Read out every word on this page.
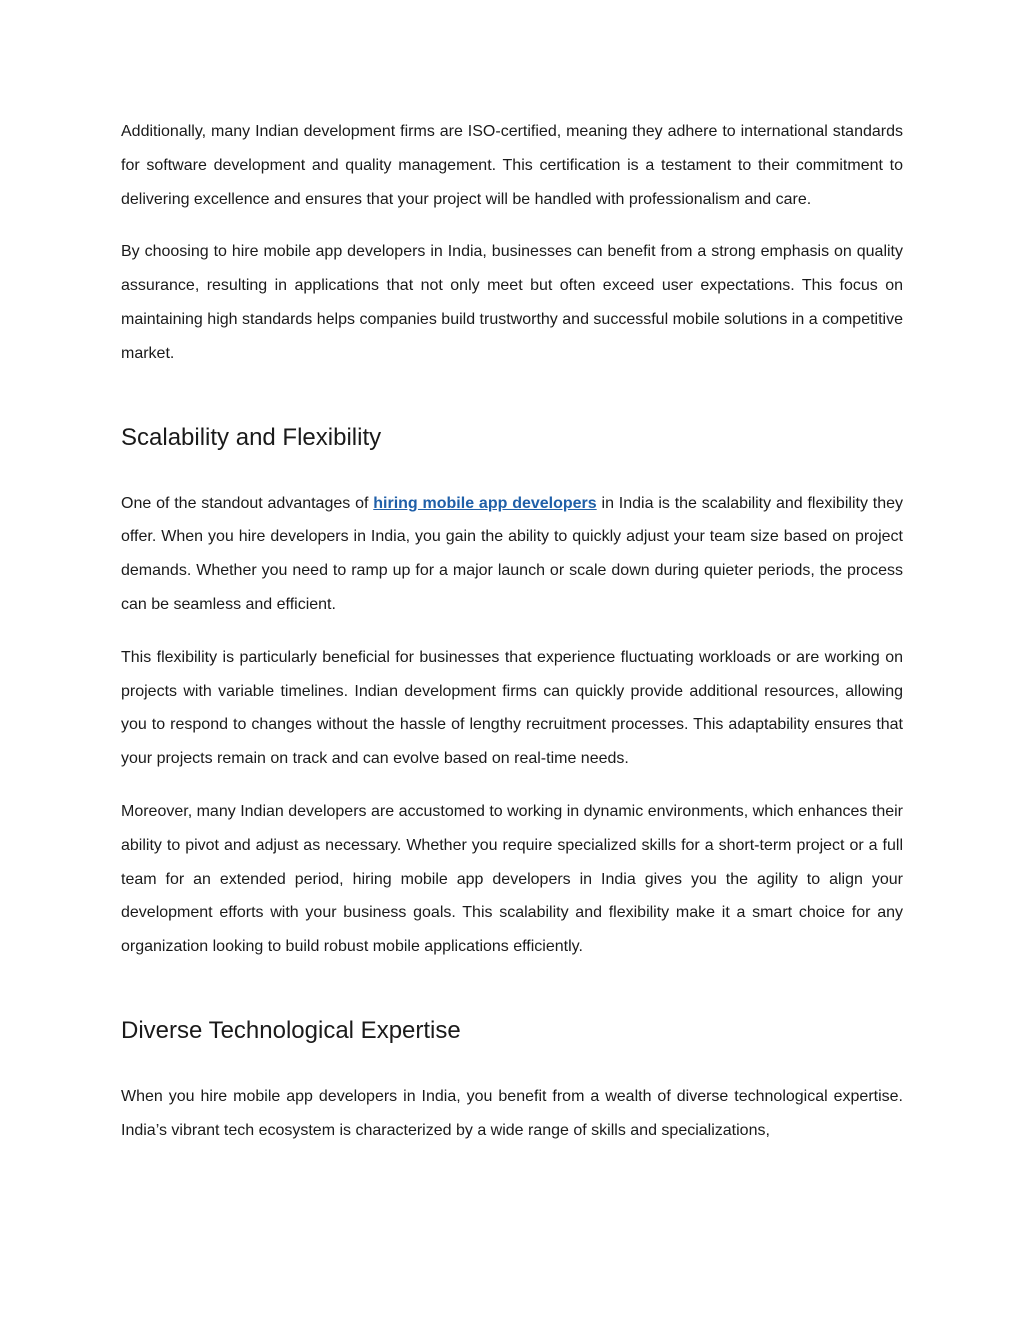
Additionally, many Indian development firms are ISO-certified, meaning they adhere to international standards for software development and quality management. This certification is a testament to their commitment to delivering excellence and ensures that your project will be handled with professionalism and care.

By choosing to hire mobile app developers in India, businesses can benefit from a strong emphasis on quality assurance, resulting in applications that not only meet but often exceed user expectations. This focus on maintaining high standards helps companies build trustworthy and successful mobile solutions in a competitive market.

Scalability and Flexibility

One of the standout advantages of hiring mobile app developers in India is the scalability and flexibility they offer. When you hire developers in India, you gain the ability to quickly adjust your team size based on project demands. Whether you need to ramp up for a major launch or scale down during quieter periods, the process can be seamless and efficient.

This flexibility is particularly beneficial for businesses that experience fluctuating workloads or are working on projects with variable timelines. Indian development firms can quickly provide additional resources, allowing you to respond to changes without the hassle of lengthy recruitment processes. This adaptability ensures that your projects remain on track and can evolve based on real-time needs.

Moreover, many Indian developers are accustomed to working in dynamic environments, which enhances their ability to pivot and adjust as necessary. Whether you require specialized skills for a short-term project or a full team for an extended period, hiring mobile app developers in India gives you the agility to align your development efforts with your business goals. This scalability and flexibility make it a smart choice for any organization looking to build robust mobile applications efficiently.

Diverse Technological Expertise

When you hire mobile app developers in India, you benefit from a wealth of diverse technological expertise. India’s vibrant tech ecosystem is characterized by a wide range of skills and specializations,
